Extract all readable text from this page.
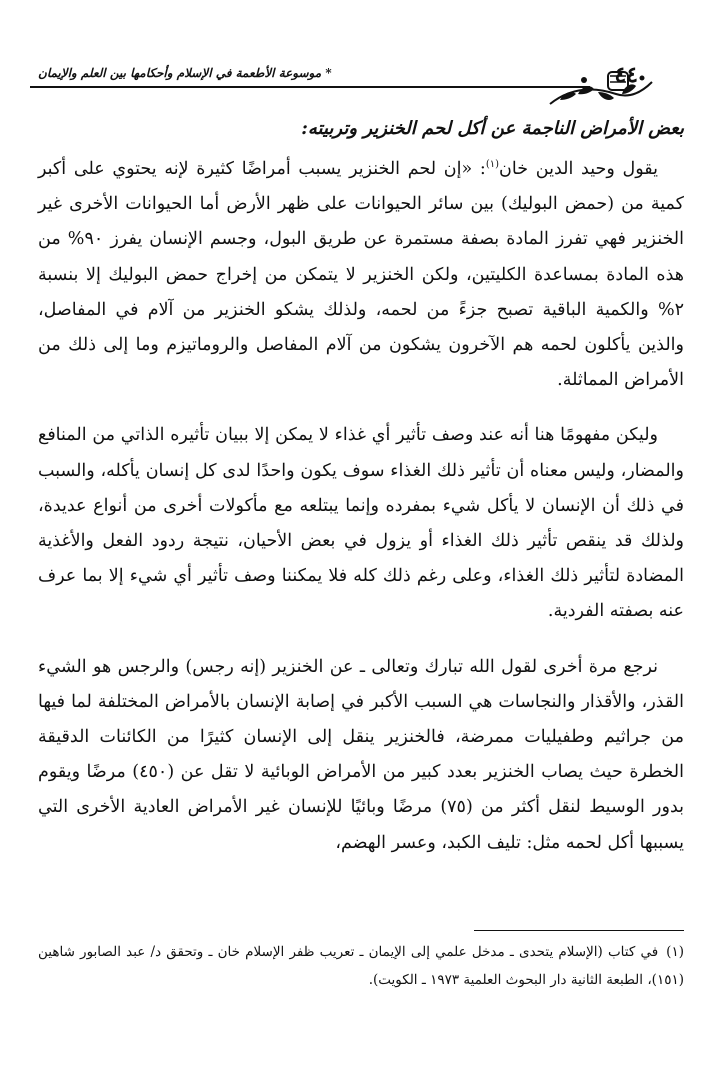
* موسوعة الأطعمة في الإسلام وأحكامها بين العلم والإيمان	٤٤
بعض الأمراض الناجمة عن أكل لحم الخنزير وتربيته:

يقول وحيد الدين خان$^{(١)}$: «إن لحم الخنزير يسبب أمراضًا كثيرة لإنه يحتوي على أكبر كمية من (حمض البوليك) بين سائر الحيوانات على ظهر الأرض أما الحيوانات الأخرى غير الخنزير فهي تفرز المادة بصفة مستمرة عن طريق البول، وجسم الإنسان يفرز ٩٠% من هذه المادة بمساعدة الكليتين، ولكن الخنزير لا يتمكن من إخراج حمض البوليك إلا بنسبة ٢% والكمية الباقية تصبح جزءً من لحمه، ولذلك يشكو الخنزير من آلام في المفاصل، والذين يأكلون لحمه هم الآخرون يشكون من آلام المفاصل والروماتيزم وما إلى ذلك من الأمراض المماثلة.

وليكن مفهومًا هنا أنه عند وصف تأثير أي غذاء لا يمكن إلا ببيان تأثيره الذاتي من المنافع والمضار، وليس معناه أن تأثير ذلك الغذاء سوف يكون واحدًا لدى كل إنسان يأكله، والسبب في ذلك أن الإنسان لا يأكل شيء بمفرده وإنما يبتلعه مع مأكولات أخرى من أنواع عديدة، ولذلك قد ينقص تأثير ذلك الغذاء أو يزول في بعض الأحيان، نتيجة ردود الفعل والأغذية المضادة لتأثير ذلك الغذاء، وعلى رغم ذلك كله فلا يمكننا وصف تأثير أي شيء إلا بما عرف عنه بصفته الفردية.

نرجع مرة أخرى لقول الله تبارك وتعالى ـ عن الخنزير (إنه رجس) والرجس هو الشيء القذر، والأقذار والنجاسات هي السبب الأكبر في إصابة الإنسان بالأمراض المختلفة لما فيها من جراثيم وطفيليات ممرضة، فالخنزير ينقل إلى الإنسان كثيرًا من الكائنات الدقيقة الخطرة حيث يصاب الخنزير بعدد كبير من الأمراض الوبائية لا تقل عن (٤٥٠) مرضًا ويقوم بدور الوسيط لنقل أكثر من (٧٥) مرضًا وبائيًا للإنسان غير الأمراض العادية الأخرى التي يسببها أكل لحمه مثل: تليف الكبد، وعسر الهضم،

(١)في كتاب (الإسلام يتحدى ـ مدخل علمي إلى الإيمان ـ تعريب ظفر الإسلام خان ـ وتحقق د/ عبد الصابور شاهين (١٥١)، الطبعة الثانية دار البحوث العلمية ١٩٧٣ ـ الكويت).
